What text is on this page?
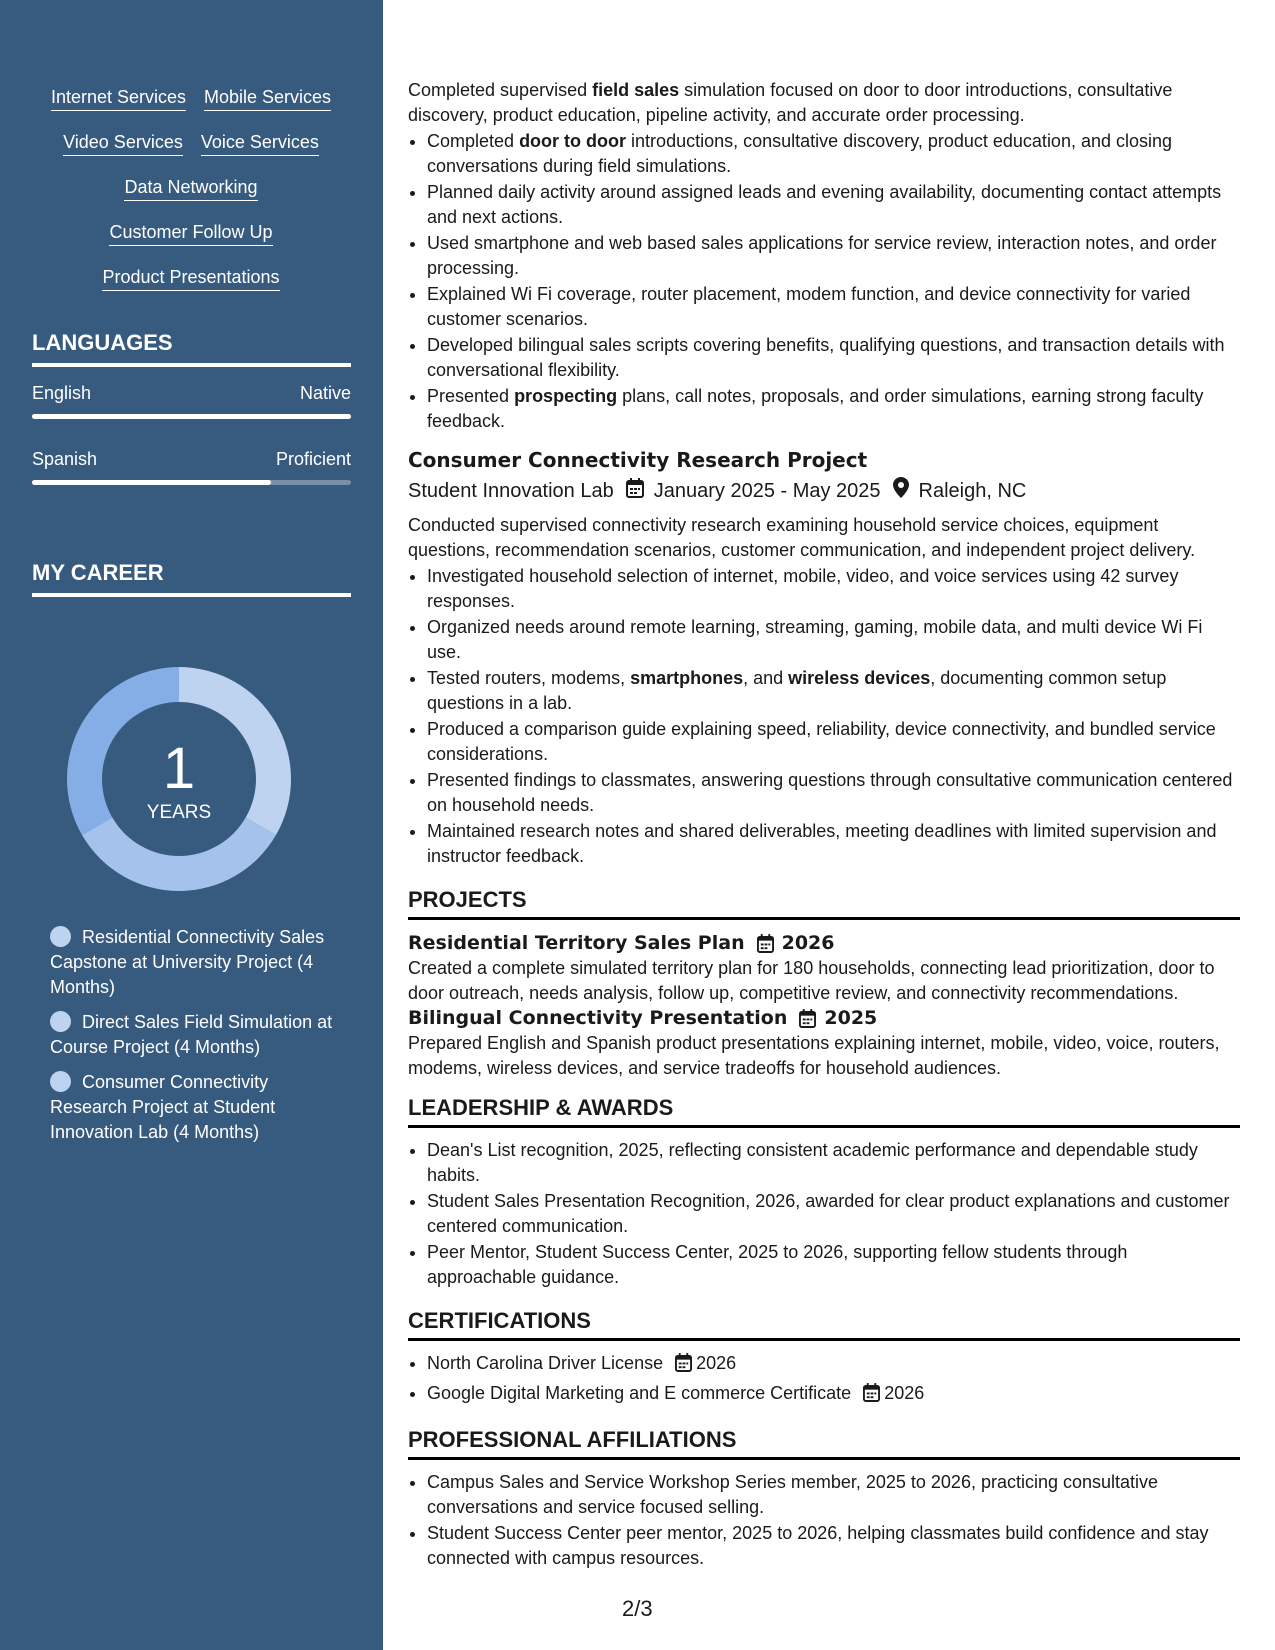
Internet Services Mobile Services
Video Services Voice Services
Data Networking
Customer Follow Up
Product Presentations
LANGUAGES
English	Native
Spanish	Proficient
MY CAREER
1
YEARS
Residential Connectivity Sales Capstone at University Project (4 Months)
Direct Sales Field Simulation at Course Project (4 Months)
Consumer Connectivity Research Project at Student Innovation Lab (4 Months)

Completed supervised field sales simulation focused on door to door introductions, consultative discovery, product education, pipeline activity, and accurate order processing.

• Completed door to door introductions, consultative discovery, product education, and closing conversations during field simulations.
• Planned daily activity around assigned leads and evening availability, documenting contact attempts and next actions.
• Used smartphone and web based sales applications for service review, interaction notes, and order processing.
• Explained Wi Fi coverage, router placement, modem function, and device connectivity for varied customer scenarios.
• Developed bilingual sales scripts covering benefits, qualifying questions, and transaction details with conversational flexibility.
• Presented prospecting plans, call notes, proposals, and order simulations, earning strong faculty feedback.
Consumer Connectivity Research Project
Student Innovation Lab January 2025 - May 2025 Raleigh, NC

Conducted supervised connectivity research examining household service choices, equipment questions, recommendation scenarios, customer communication, and independent project delivery.

• Investigated household selection of internet, mobile, video, and voice services using 42 survey responses.
• Organized needs around remote learning, streaming, gaming, mobile data, and multi device Wi Fi use.
• Tested routers, modems, smartphones, and wireless devices, documenting common setup questions in a lab.
• Produced a comparison guide explaining speed, reliability, device connectivity, and bundled service considerations.
• Presented findings to classmates, answering questions through consultative communication centered on household needs.
• Maintained research notes and shared deliverables, meeting deadlines with limited supervision and instructor feedback.
PROJECTS
Residential Territory Sales Plan 2026

Created a complete simulated territory plan for 180 households, connecting lead prioritization, door to door outreach, needs analysis, follow up, competitive review, and connectivity recommendations.

Bilingual Connectivity Presentation 2025

Prepared English and Spanish product presentations explaining internet, mobile, video, voice, routers, modems, wireless devices, and service tradeoffs for household audiences.

LEADERSHIP & AWARDS
• Dean's List recognition, 2025, reflecting consistent academic performance and dependable study habits.
• Student Sales Presentation Recognition, 2026, awarded for clear product explanations and customer centered communication.
• Peer Mentor, Student Success Center, 2025 to 2026, supporting fellow students through approachable guidance.
CERTIFICATIONS
• North Carolina Driver License 2026
• Google Digital Marketing and E commerce Certificate 2026
PROFESSIONAL AFFILIATIONS
• Campus Sales and Service Workshop Series member, 2025 to 2026, practicing consultative conversations and service focused selling.
• Student Success Center peer mentor, 2025 to 2026, helping classmates build confidence and stay connected with campus resources.
2/3
